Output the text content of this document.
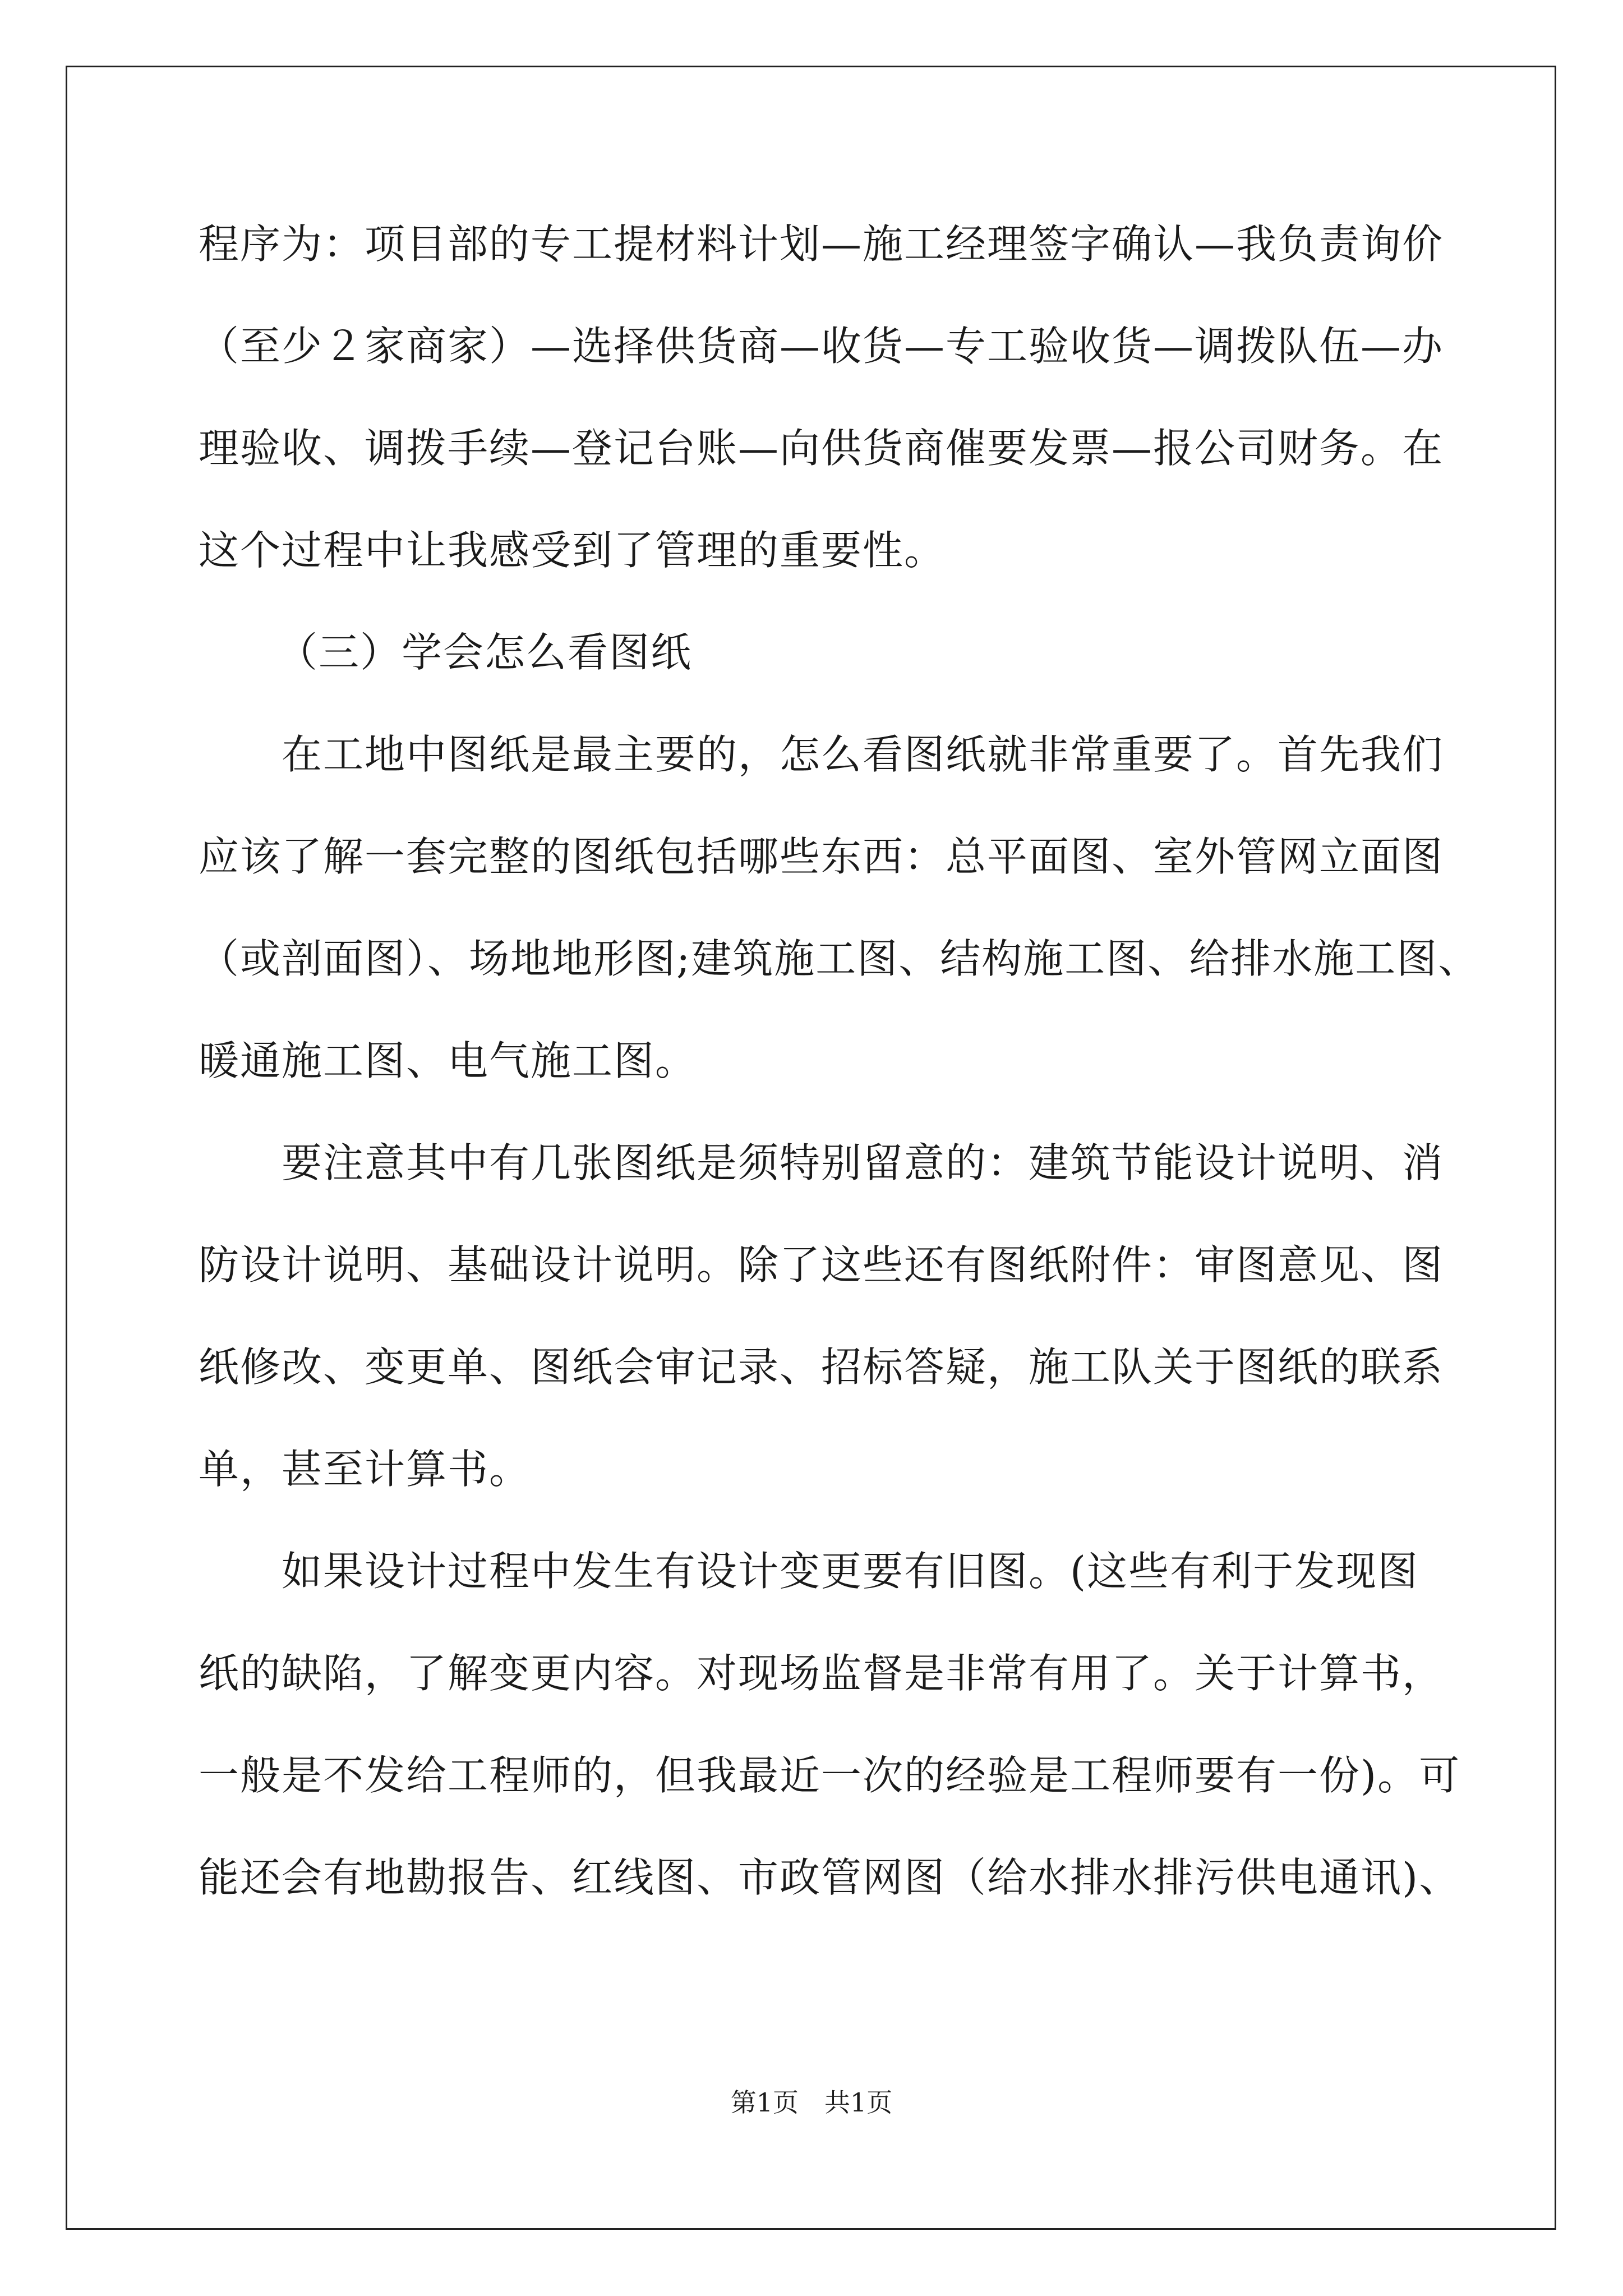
程序为：项目部的专工提材料计划—施工经理签字确认—我负责询价
（至少２家商家）—选择供货商—收货—专工验收货—调拨队伍—办
理验收、调拨手续—登记台账—向供货商催要发票—报公司财务。在
这个过程中让我感受到了管理的重要性。
（三）学会怎么看图纸
在工地中图纸是最主要的，怎么看图纸就非常重要了。首先我们
应该了解一套完整的图纸包括哪些东西：总平面图、室外管网立面图
（或剖面图）、场地地形图;建筑施工图、结构施工图、给排水施工图、
暖通施工图、电气施工图。
要注意其中有几张图纸是须特别留意的：建筑节能设计说明、消
防设计说明、基础设计说明。除了这些还有图纸附件：审图意见、图
纸修改、变更单、图纸会审记录、招标答疑，施工队关于图纸的联系
单，甚至计算书。
如果设计过程中发生有设计变更要有旧图。(这些有利于发现图
纸的缺陷，了解变更内容。对现场监督是非常有用了。关于计算书，
一般是不发给工程师的，但我最近一次的经验是工程师要有一份)。可
能还会有地勘报告、红线图、市政管网图（给水排水排污供电通讯)、
第1页　共1页
